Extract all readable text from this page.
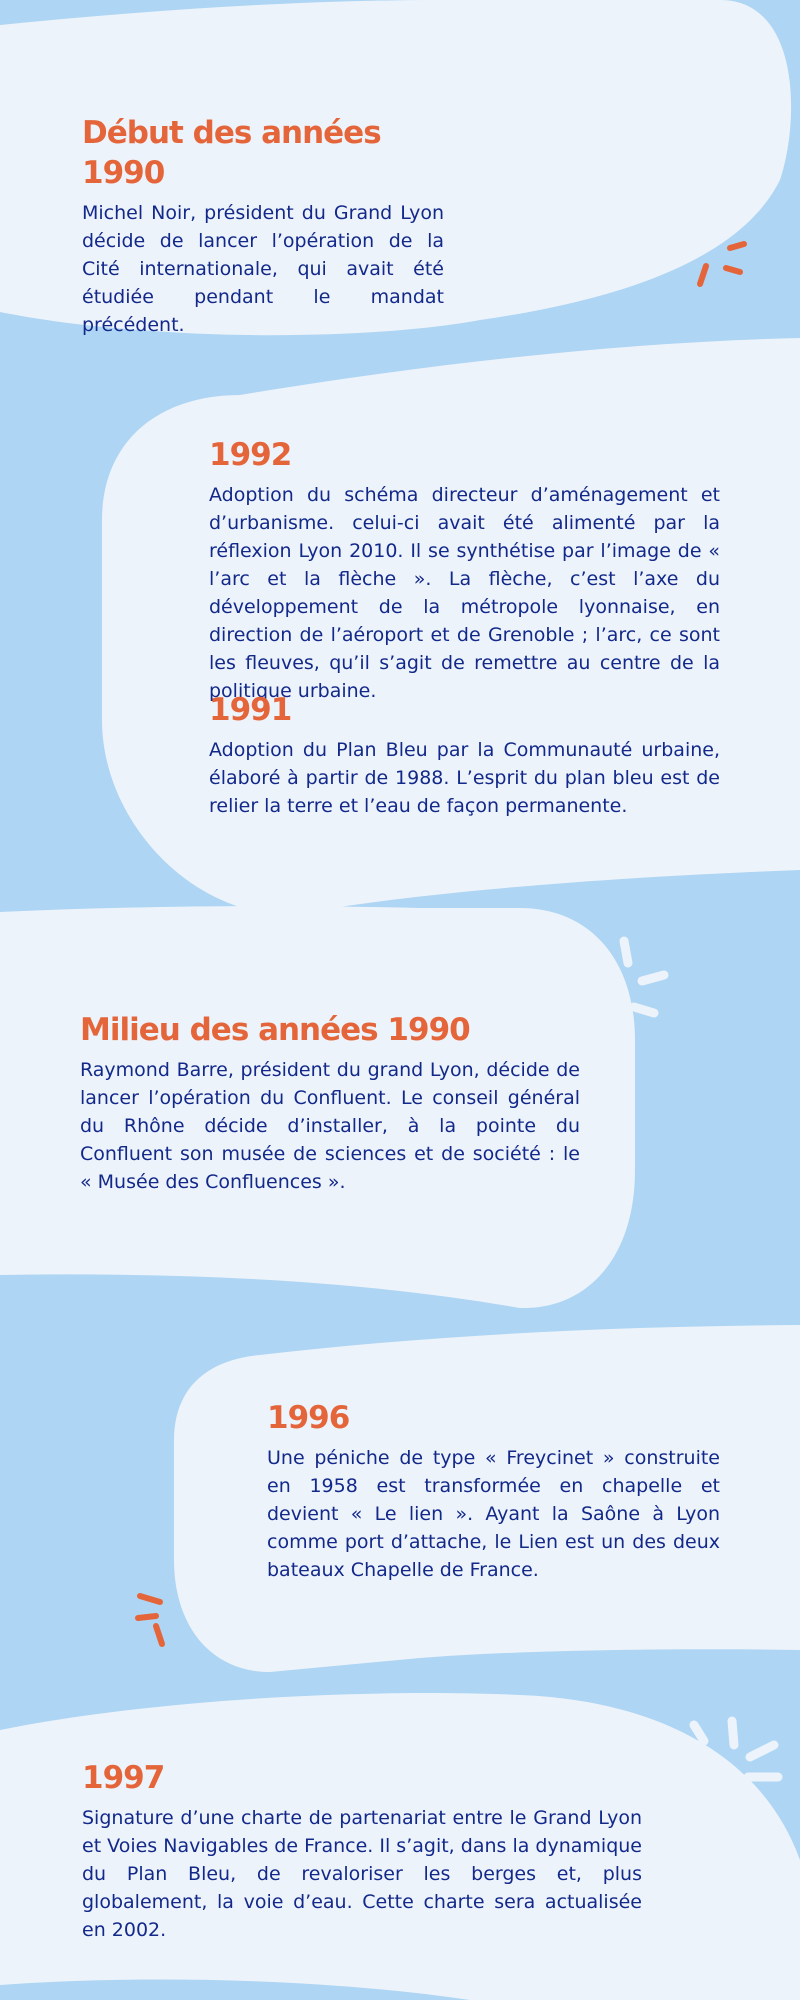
Début des années 1990

Michel Noir, président du Grand Lyon décide de lancer l’opération de la Cité internationale, qui avait été étudiée pendant le mandat précédent.

1992

Adoption du schéma directeur d’aménagement et d’urbanisme. celui-ci avait été alimenté par la réflexion Lyon 2010. Il se synthétise par l’image de « l’arc et la flèche ». La flèche, c’est l’axe du développement de la métropole lyonnaise, en direction de l’aéroport et de Grenoble ; l’arc, ce sont les fleuves, qu’il s’agit de remettre au centre de la politique urbaine.

1991

Adoption du Plan Bleu par la Communauté urbaine, élaboré à partir de 1988. L’esprit du plan bleu est de relier la terre et l’eau de façon permanente.

Milieu des années 1990

Raymond Barre, président du grand Lyon, décide de lancer l’opération du Confluent. Le conseil général du Rhône décide d’installer, à la pointe du Confluent son musée de sciences et de société : le « Musée des Confluences ».

1996

Une péniche de type « Freycinet » construite en 1958 est transformée en chapelle et devient « Le lien ». Ayant la Saône à Lyon comme port d’attache, le Lien est un des deux bateaux Chapelle de France.

1997

Signature d’une charte de partenariat entre le Grand Lyon et Voies Navigables de France. Il s’agit, dans la dynamique du Plan Bleu, de revaloriser les berges et, plus globalement, la voie d’eau. Cette charte sera actualisée en 2002.
